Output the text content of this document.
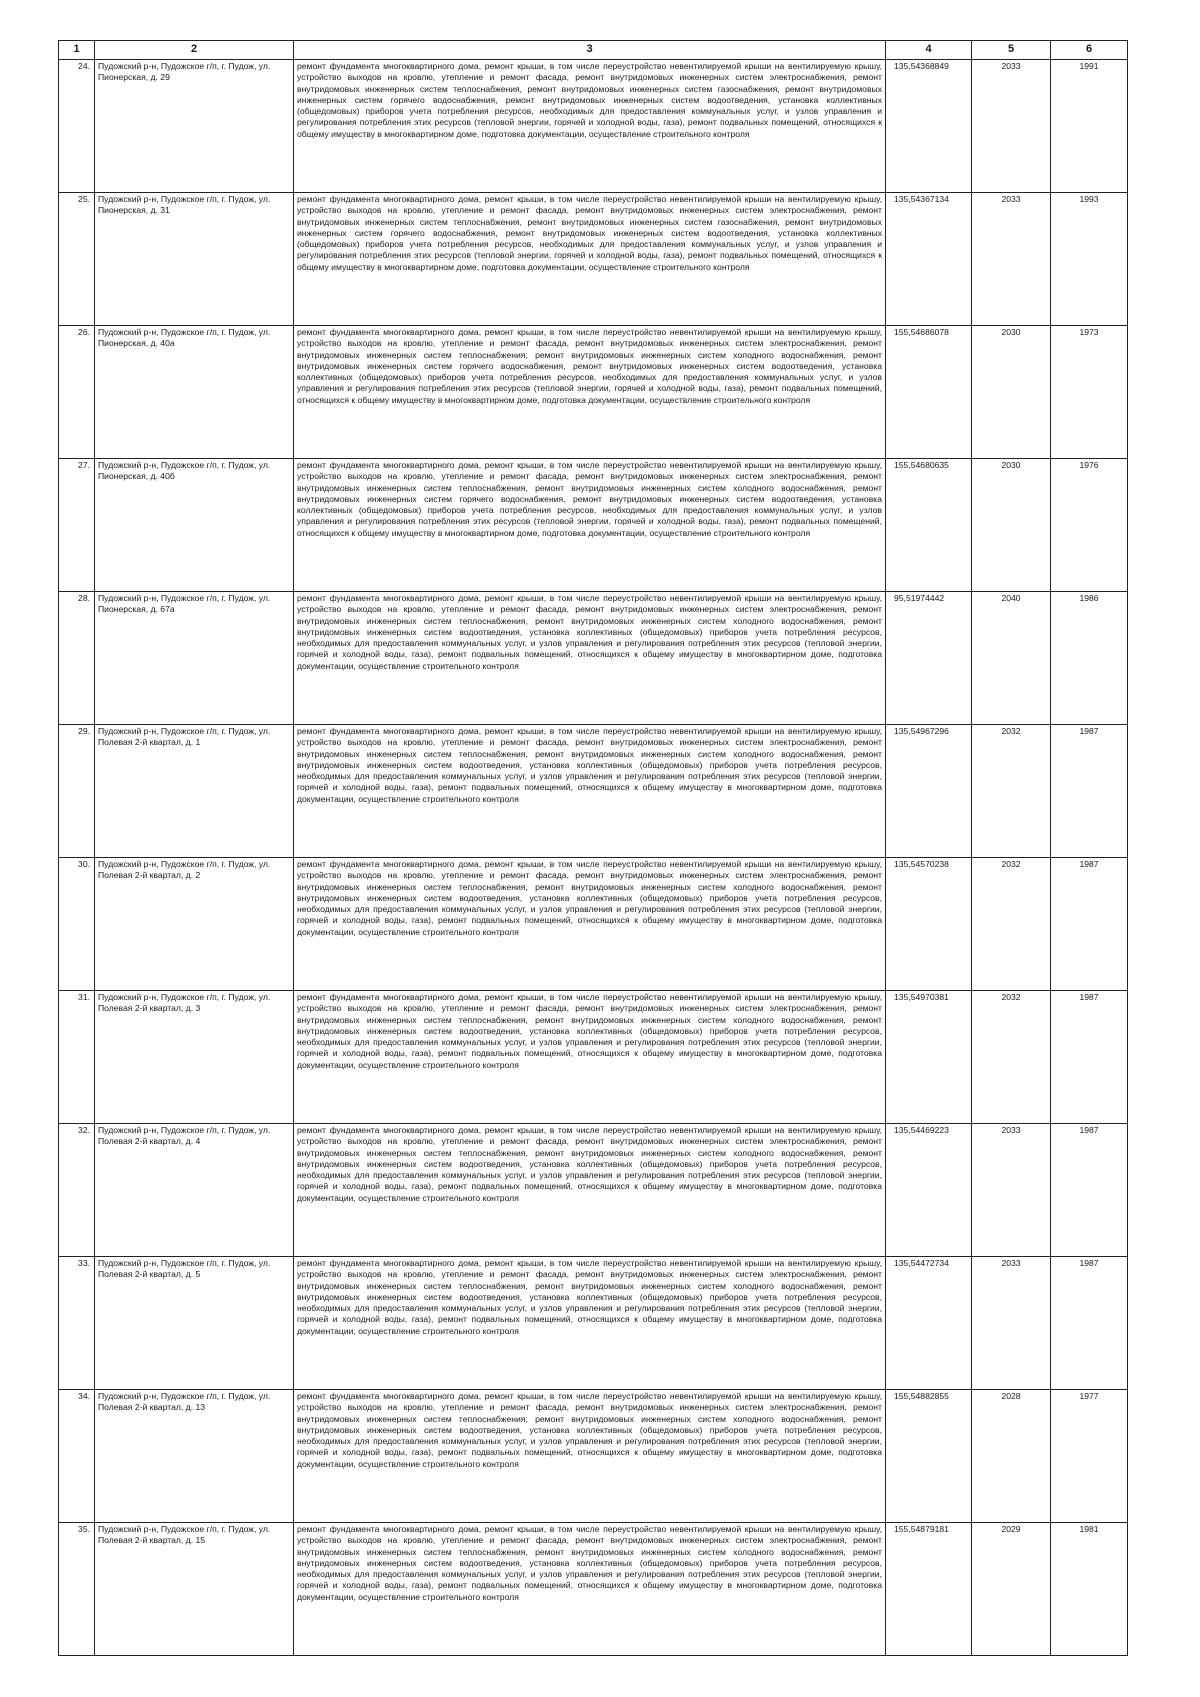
1	2	3	4	5	6
24.	Пудожский р-н, Пудожское г/п, г. Пудож, ул. Пионерская, д. 29	ремонт фундамента многоквартирного дома, ремонт крыши, в том числе переустройство невентилируемой крыши на вентилируемую крышу, устройство выходов на кровлю, утепление и ремонт фасада, ремонт внутридомовых инженерных систем электроснабжения, ремонт внутридомовых инженерных систем теплоснабжения, ремонт внутридомовых инженерных систем газоснабжения, ремонт внутридомовых инженерных систем горячего водоснабжения, ремонт внутридомовых инженерных систем водоотведения, установка коллективных (общедомовых) приборов учета потребления ресурсов, необходимых для предоставления коммунальных услуг, и узлов управления и регулирования потребления этих ресурсов (тепловой энергии, горячей и холодной воды, газа), ремонт подвальных помещений, относящихся к общему имуществу в многоквартирном доме, подготовка документации, осуществление строительного контроля	135,54368849	2033	1991
25.	Пудожский р-н, Пудожское г/п, г. Пудож, ул. Пионерская, д. 31	ремонт фундамента многоквартирного дома, ремонт крыши, в том числе переустройство невентилируемой крыши на вентилируемую крышу, устройство выходов на кровлю, утепление и ремонт фасада, ремонт внутридомовых инженерных систем электроснабжения, ремонт внутридомовых инженерных систем теплоснабжения, ремонт внутридомовых инженерных систем газоснабжения, ремонт внутридомовых инженерных систем горячего водоснабжения, ремонт внутридомовых инженерных систем водоотведения, установка коллективных (общедомовых) приборов учета потребления ресурсов, необходимых для предоставления коммунальных услуг, и узлов управления и регулирования потребления этих ресурсов (тепловой энергии, горячей и холодной воды, газа), ремонт подвальных помещений, относящихся к общему имуществу в многоквартирном доме, подготовка документации, осуществление строительного контроля	135,54367134	2033	1993
26.	Пудожский р-н, Пудожское г/п, г. Пудож, ул. Пионерская, д. 40а	ремонт фундамента многоквартирного дома, ремонт крыши, в том числе переустройство невентилируемой крыши на вентилируемую крышу, устройство выходов на кровлю, утепление и ремонт фасада, ремонт внутридомовых инженерных систем электроснабжения, ремонт внутридомовых инженерных систем теплоснабжения, ремонт внутридомовых инженерных систем холодного водоснабжения, ремонт внутридомовых инженерных систем горячего водоснабжения, ремонт внутридомовых инженерных систем водоотведения, установка коллективных (общедомовых) приборов учета потребления ресурсов, необходимых для предоставления коммунальных услуг, и узлов управления и регулирования потребления этих ресурсов (тепловой энергии, горячей и холодной воды, газа), ремонт подвальных помещений, относящихся к общему имуществу в многоквартирном доме, подготовка документации, осуществление строительного контроля	155,54686078	2030	1973
27.	Пудожский р-н, Пудожское г/п, г. Пудож, ул. Пионерская, д. 40б	ремонт фундамента многоквартирного дома, ремонт крыши, в том числе переустройство невентилируемой крыши на вентилируемую крышу, устройство выходов на кровлю, утепление и ремонт фасада, ремонт внутридомовых инженерных систем электроснабжения, ремонт внутридомовых инженерных систем теплоснабжения, ремонт внутридомовых инженерных систем холодного водоснабжения, ремонт внутридомовых инженерных систем горячего водоснабжения, ремонт внутридомовых инженерных систем водоотведения, установка коллективных (общедомовых) приборов учета потребления ресурсов, необходимых для предоставления коммунальных услуг, и узлов управления и регулирования потребления этих ресурсов (тепловой энергии, горячей и холодной воды, газа), ремонт подвальных помещений, относящихся к общему имуществу в многоквартирном доме, подготовка документации, осуществление строительного контроля	155,54680635	2030	1976
28.	Пудожский р-н, Пудожское г/п, г. Пудож, ул. Пионерская, д. 67а	ремонт фундамента многоквартирного дома, ремонт крыши, в том числе переустройство невентилируемой крыши на вентилируемую крышу, устройство выходов на кровлю, утепление и ремонт фасада, ремонт внутридомовых инженерных систем электроснабжения, ремонт внутридомовых инженерных систем теплоснабжения, ремонт внутридомовых инженерных систем холодного водоснабжения, ремонт внутридомовых инженерных систем водоотведения, установка коллективных (общедомовых) приборов учета потребления ресурсов, необходимых для предоставления коммунальных услуг, и узлов управления и регулирования потребления этих ресурсов (тепловой энергии, горячей и холодной воды, газа), ремонт подвальных помещений, относящихся к общему имуществу в многоквартирном доме, подготовка документации, осуществление строительного контроля	95,51974442	2040	1986
29.	Пудожский р-н, Пудожское г/п, г. Пудож, ул. Полевая 2-й квартал, д. 1	ремонт фундамента многоквартирного дома, ремонт крыши, в том числе переустройство невентилируемой крыши на вентилируемую крышу, устройство выходов на кровлю, утепление и ремонт фасада, ремонт внутридомовых инженерных систем электроснабжения, ремонт внутридомовых инженерных систем теплоснабжения, ремонт внутридомовых инженерных систем холодного водоснабжения, ремонт внутридомовых инженерных систем водоотведения, установка коллективных (общедомовых) приборов учета потребления ресурсов, необходимых для предоставления коммунальных услуг, и узлов управления и регулирования потребления этих ресурсов (тепловой энергии, горячей и холодной воды, газа), ремонт подвальных помещений, относящихся к общему имуществу в многоквартирном доме, подготовка документации, осуществление строительного контроля	135,54967296	2032	1987
30.	Пудожский р-н, Пудожское г/п, г. Пудож, ул. Полевая 2-й квартал, д. 2	ремонт фундамента многоквартирного дома, ремонт крыши, в том числе переустройство невентилируемой крыши на вентилируемую крышу, устройство выходов на кровлю, утепление и ремонт фасада, ремонт внутридомовых инженерных систем электроснабжения, ремонт внутридомовых инженерных систем теплоснабжения, ремонт внутридомовых инженерных систем холодного водоснабжения, ремонт внутридомовых инженерных систем водоотведения, установка коллективных (общедомовых) приборов учета потребления ресурсов, необходимых для предоставления коммунальных услуг, и узлов управления и регулирования потребления этих ресурсов (тепловой энергии, горячей и холодной воды, газа), ремонт подвальных помещений, относящихся к общему имуществу в многоквартирном доме, подготовка документации, осуществление строительного контроля	135,54570238	2032	1987
31.	Пудожский р-н, Пудожское г/п, г. Пудож, ул. Полевая 2-й квартал, д. 3	ремонт фундамента многоквартирного дома, ремонт крыши, в том числе переустройство невентилируемой крыши на вентилируемую крышу, устройство выходов на кровлю, утепление и ремонт фасада, ремонт внутридомовых инженерных систем электроснабжения, ремонт внутридомовых инженерных систем теплоснабжения, ремонт внутридомовых инженерных систем холодного водоснабжения, ремонт внутридомовых инженерных систем водоотведения, установка коллективных (общедомовых) приборов учета потребления ресурсов, необходимых для предоставления коммунальных услуг, и узлов управления и регулирования потребления этих ресурсов (тепловой энергии, горячей и холодной воды, газа), ремонт подвальных помещений, относящихся к общему имуществу в многоквартирном доме, подготовка документации, осуществление строительного контроля	135,54970381	2032	1987
32.	Пудожский р-н, Пудожское г/п, г. Пудож, ул. Полевая 2-й квартал, д. 4	ремонт фундамента многоквартирного дома, ремонт крыши, в том числе переустройство невентилируемой крыши на вентилируемую крышу, устройство выходов на кровлю, утепление и ремонт фасада, ремонт внутридомовых инженерных систем электроснабжения, ремонт внутридомовых инженерных систем теплоснабжения, ремонт внутридомовых инженерных систем холодного водоснабжения, ремонт внутридомовых инженерных систем водоотведения, установка коллективных (общедомовых) приборов учета потребления ресурсов, необходимых для предоставления коммунальных услуг, и узлов управления и регулирования потребления этих ресурсов (тепловой энергии, горячей и холодной воды, газа), ремонт подвальных помещений, относящихся к общему имуществу в многоквартирном доме, подготовка документации, осуществление строительного контроля	135,54469223	2033	1987
33.	Пудожский р-н, Пудожское г/п, г. Пудож, ул. Полевая 2-й квартал, д. 5	ремонт фундамента многоквартирного дома, ремонт крыши, в том числе переустройство невентилируемой крыши на вентилируемую крышу, устройство выходов на кровлю, утепление и ремонт фасада, ремонт внутридомовых инженерных систем электроснабжения, ремонт внутридомовых инженерных систем теплоснабжения, ремонт внутридомовых инженерных систем холодного водоснабжения, ремонт внутридомовых инженерных систем водоотведения, установка коллективных (общедомовых) приборов учета потребления ресурсов, необходимых для предоставления коммунальных услуг, и узлов управления и регулирования потребления этих ресурсов (тепловой энергии, горячей и холодной воды, газа), ремонт подвальных помещений, относящихся к общему имуществу в многоквартирном доме, подготовка документации, осуществление строительного контроля	135,54472734	2033	1987
34.	Пудожский р-н, Пудожское г/п, г. Пудож, ул. Полевая 2-й квартал, д. 13	ремонт фундамента многоквартирного дома, ремонт крыши, в том числе переустройство невентилируемой крыши на вентилируемую крышу, устройство выходов на кровлю, утепление и ремонт фасада, ремонт внутридомовых инженерных систем электроснабжения, ремонт внутридомовых инженерных систем теплоснабжения, ремонт внутридомовых инженерных систем холодного водоснабжения, ремонт внутридомовых инженерных систем водоотведения, установка коллективных (общедомовых) приборов учета потребления ресурсов, необходимых для предоставления коммунальных услуг, и узлов управления и регулирования потребления этих ресурсов (тепловой энергии, горячей и холодной воды, газа), ремонт подвальных помещений, относящихся к общему имуществу в многоквартирном доме, подготовка документации, осуществление строительного контроля	155,54882855	2028	1977
35.	Пудожский р-н, Пудожское г/п, г. Пудож, ул. Полевая 2-й квартал, д. 15	ремонт фундамента многоквартирного дома, ремонт крыши, в том числе переустройство невентилируемой крыши на вентилируемую крышу, устройство выходов на кровлю, утепление и ремонт фасада, ремонт внутридомовых инженерных систем электроснабжения, ремонт внутридомовых инженерных систем теплоснабжения, ремонт внутридомовых инженерных систем холодного водоснабжения, ремонт внутридомовых инженерных систем водоотведения, установка коллективных (общедомовых) приборов учета потребления ресурсов, необходимых для предоставления коммунальных услуг, и узлов управления и регулирования потребления этих ресурсов (тепловой энергии, горячей и холодной воды, газа), ремонт подвальных помещений, относящихся к общему имуществу в многоквартирном доме, подготовка документации, осуществление строительного контроля	155,54879181	2029	1981
